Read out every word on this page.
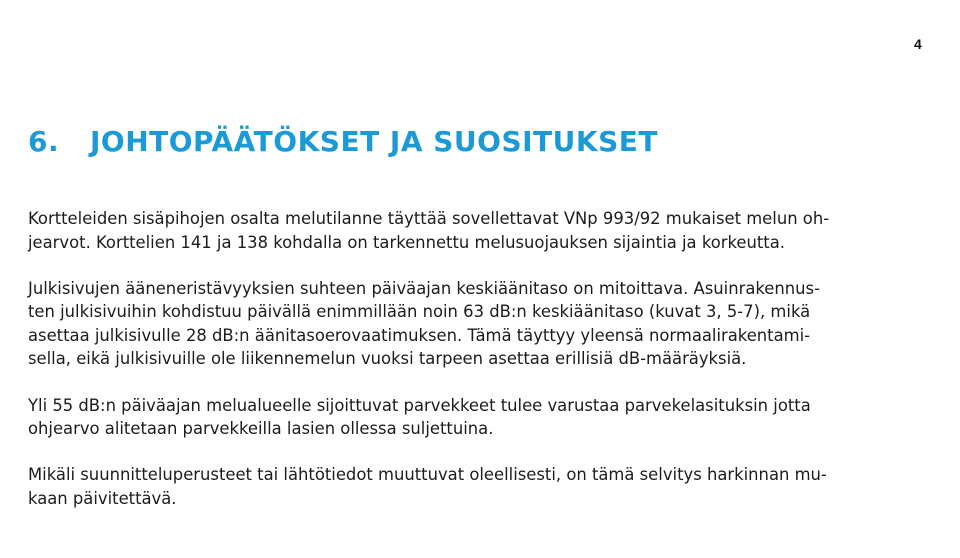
4
6. JOHTOPÄÄTÖKSET JA SUOSITUKSET

Kortteleiden sisäpihojen osalta melutilanne täyttää sovellettavat VNp 993/92 mukaiset melun oh-
jearvot. Korttelien 141 ja 138 kohdalla on tarkennettu melusuojauksen sijaintia ja korkeutta.

Julkisivujen ääneneristävyyksien suhteen päiväajan keskiäänitaso on mitoittava. Asuinrakennus-
ten julkisivuihin kohdistuu päivällä enimmillään noin 63 dB:n keskiäänitaso (kuvat 3, 5-7), mikä
asettaa julkisivulle 28 dB:n äänitasoerovaatimuksen. Tämä täyttyy yleensä normaalirakentami-
sella, eikä julkisivuille ole liikennemelun vuoksi tarpeen asettaa erillisiä dB-määräyksiä.

Yli 55 dB:n päiväajan melualueelle sijoittuvat parvekkeet tulee varustaa parvekelasituksin jotta
ohjearvo alitetaan parvekkeilla lasien ollessa suljettuina.

Mikäli suunnitteluperusteet tai lähtötiedot muuttuvat oleellisesti, on tämä selvitys harkinnan mu-
kaan päivitettävä.
